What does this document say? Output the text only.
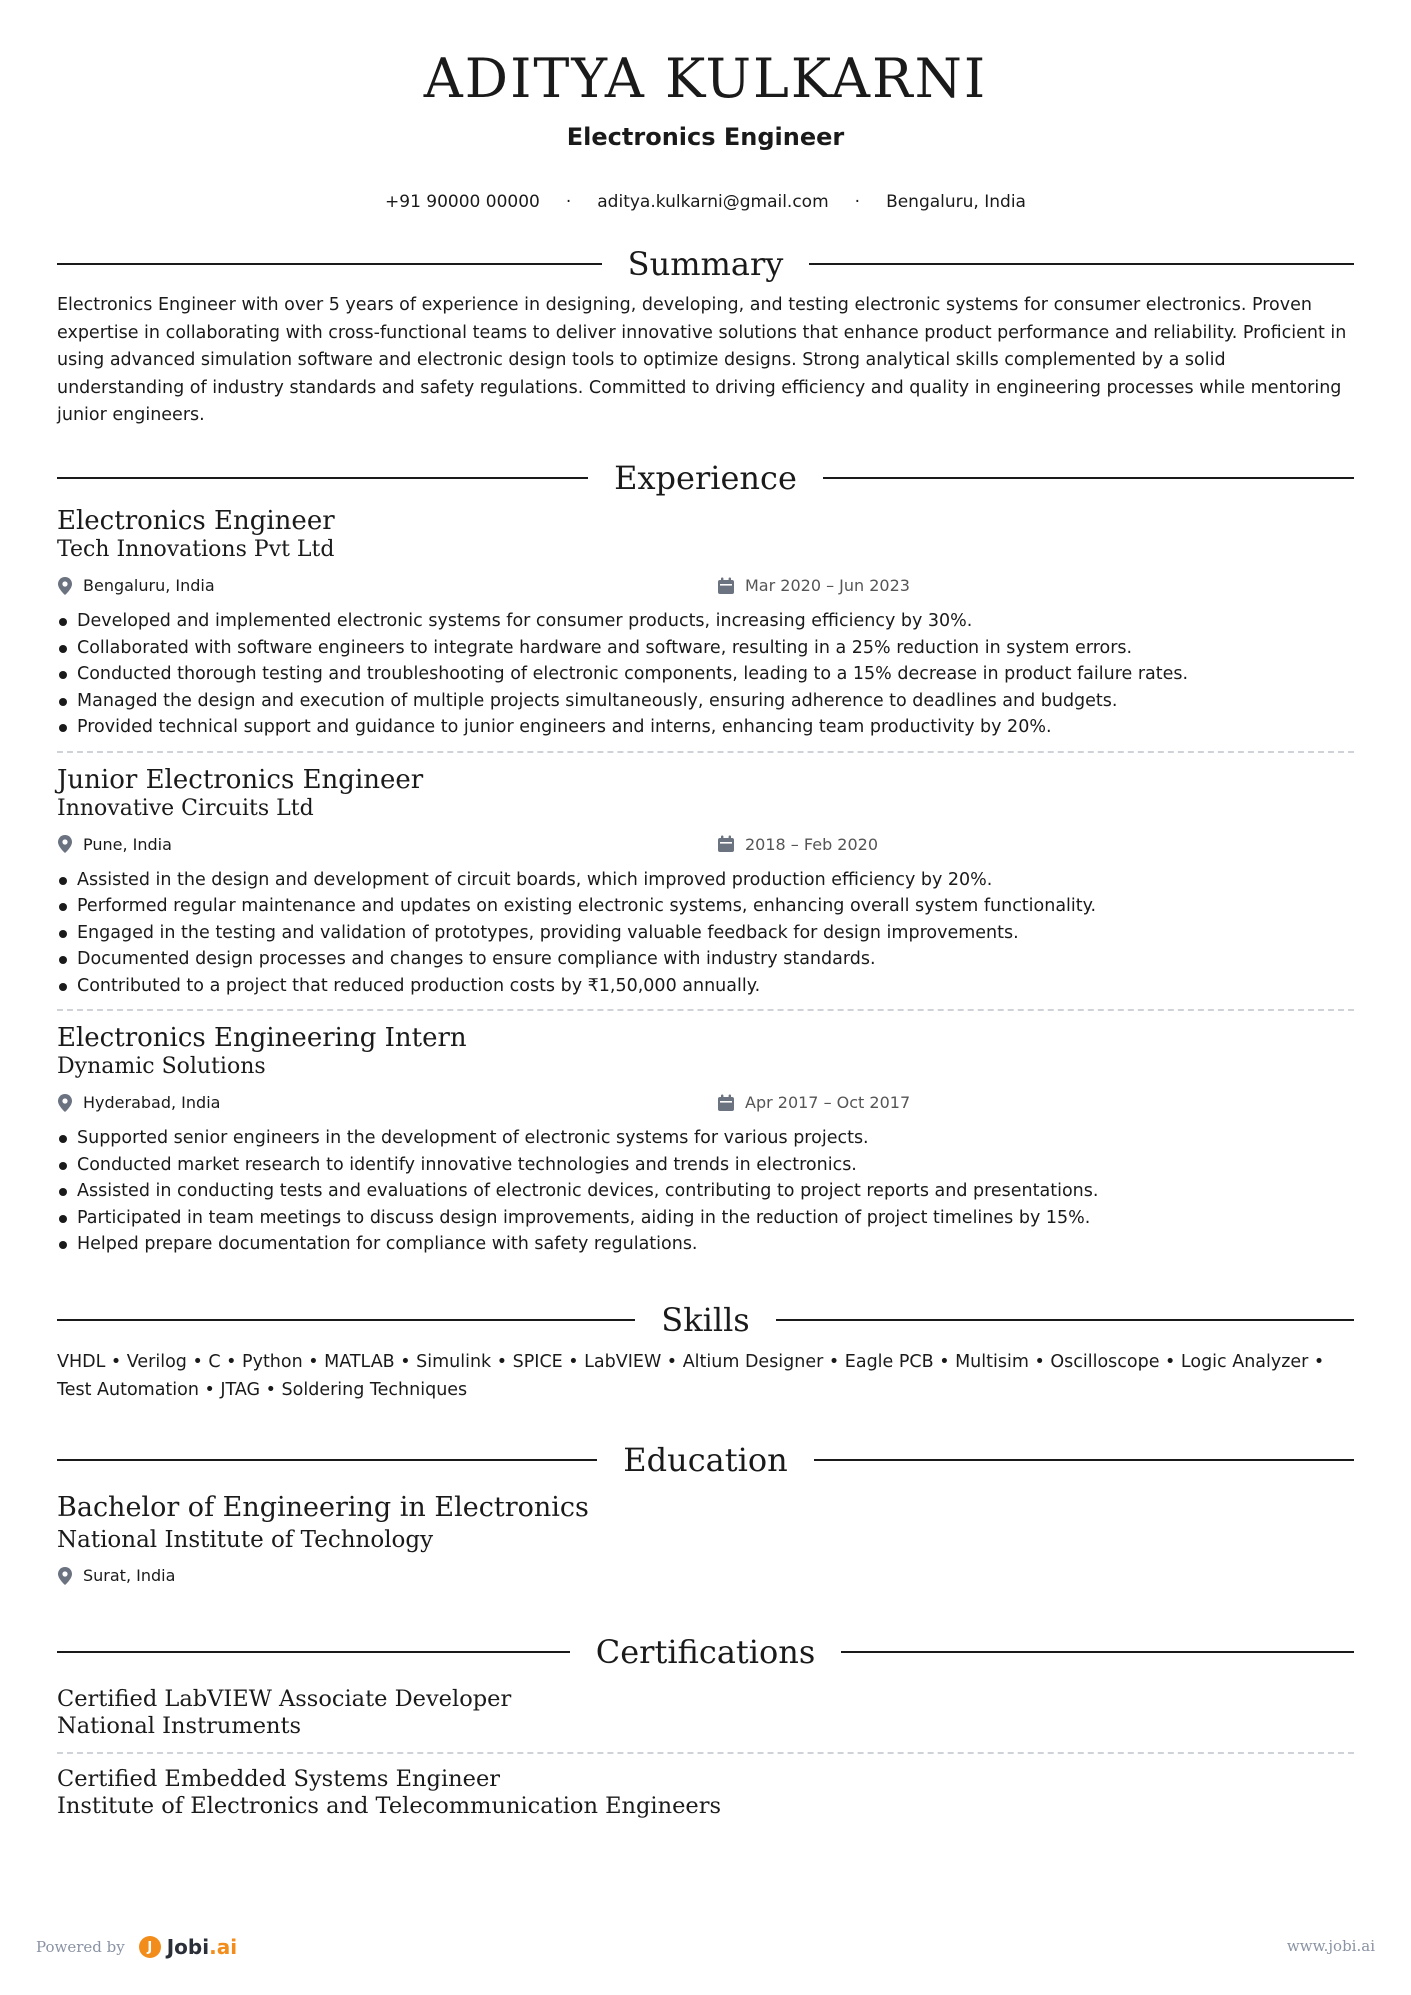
ADITYA KULKARNI
Electronics Engineer
+91 90000 00000 · aditya.kulkarni@gmail.com · Bengaluru, India
Summary

Electronics Engineer with over 5 years of experience in designing, developing, and testing electronic systems for consumer electronics. Proven expertise in collaborating with cross-functional teams to deliver innovative solutions that enhance product performance and reliability. Proficient in using advanced simulation software and electronic design tools to optimize designs. Strong analytical skills complemented by a solid understanding of industry standards and safety regulations. Committed to driving efficiency and quality in engineering processes while mentoring junior engineers.

Experience
Electronics Engineer
Tech Innovations Pvt Ltd
Bengaluru, India	Mar 2020 – Jun 2023
Developed and implemented electronic systems for consumer products, increasing efficiency by 30%.
Collaborated with software engineers to integrate hardware and software, resulting in a 25% reduction in system errors.
Conducted thorough testing and troubleshooting of electronic components, leading to a 15% decrease in product failure rates.
Managed the design and execution of multiple projects simultaneously, ensuring adherence to deadlines and budgets.
Provided technical support and guidance to junior engineers and interns, enhancing team productivity by 20%.
Junior Electronics Engineer
Innovative Circuits Ltd
Pune, India	2018 – Feb 2020
Assisted in the design and development of circuit boards, which improved production efficiency by 20%.
Performed regular maintenance and updates on existing electronic systems, enhancing overall system functionality.
Engaged in the testing and validation of prototypes, providing valuable feedback for design improvements.
Documented design processes and changes to ensure compliance with industry standards.
Contributed to a project that reduced production costs by ₹1,50,000 annually.
Electronics Engineering Intern
Dynamic Solutions
Hyderabad, India	Apr 2017 – Oct 2017
Supported senior engineers in the development of electronic systems for various projects.
Conducted market research to identify innovative technologies and trends in electronics.
Assisted in conducting tests and evaluations of electronic devices, contributing to project reports and presentations.
Participated in team meetings to discuss design improvements, aiding in the reduction of project timelines by 15%.
Helped prepare documentation for compliance with safety regulations.
Skills
VHDL • Verilog • C • Python • MATLAB • Simulink • SPICE • LabVIEW • Altium Designer • Eagle PCB • Multisim • Oscilloscope • Logic Analyzer • Test Automation • JTAG • Soldering Techniques
Education
Bachelor of Engineering in Electronics
National Institute of Technology
Surat, India
Certifications
Certified LabVIEW Associate Developer
National Instruments
Certified Embedded Systems Engineer
Institute of Electronics and Telecommunication Engineers
Powered by	J Jobi.ai	www.jobi.ai
